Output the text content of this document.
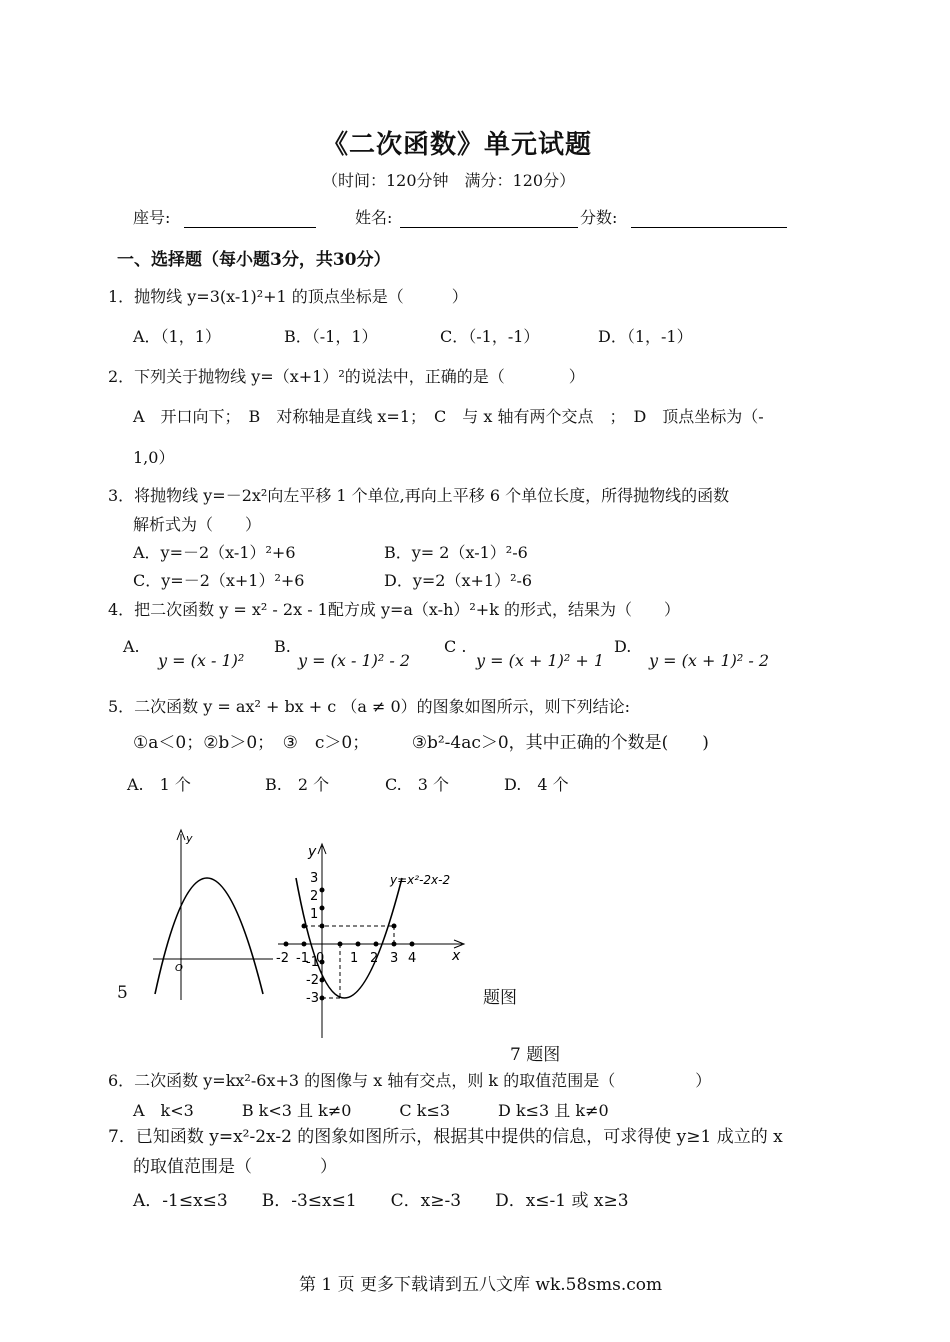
《二次函数》单元试题
（时间：120分钟　满分：120分）
座号:	姓名:	分数:
一、选择题（每小题3分，共30分）
1．抛物线 y=3(x-1)²+1 的顶点坐标是（　　　）
A．（1，1）	B．（-1，1）	C．（-1，-1）	D．（1，-1）
2．下列关于抛物线 y=（x+1）²的说法中，正确的是（　　　　）
A　开口向下；　B　对称轴是直线 x=1；　C　与 x 轴有两个交点　；　D　顶点坐标为（-
1,0）
3．将抛物线 y=－2x²向左平移 1 个单位,再向上平移 6 个单位长度，所得抛物线的函数
解析式为（　　）
A．y=－2（x-1）²+6	B．y= 2（x-1）²-6
C．y=－2（x+1）²+6	D．y=2（x+1）²-6
4．把二次函数 y = x² - 2x - 1配方成 y=a（x-h）²+k 的形式，结果为（　　）
A.
y = (x - 1)²
B.
y = (x - 1)² - 2
C .
y = (x + 1)² + 1
D.
y = (x + 1)² - 2
5．二次函数 y = ax² + bx + c （a ≠ 0）的图象如图所示，则下列结论:
①a＜0；②b＞0；　③　c＞0；　　　③b²-4ac＞0，其中正确的个数是(　　)
A.　1 个	B.　2 个	C.　3 个	D.　4 个
y
O
y
x
y=x²-2x-2
-2 -1 0 1 2 3 4
3
2
1
-1
-2
-3
5	题图
7 题图
6．二次函数 y=kx²-6x+3 的图像与 x 轴有交点，则 k 的取值范围是（　　　　　）
A　k<3　　　B k<3 且 k≠0　　　C k≤3　　　D k≤3 且 k≠0
7．已知函数 y=x²-2x-2 的图象如图所示，根据其中提供的信息，可求得使 y≥1 成立的 x
的取值范围是（　　　　）
A．-1≤x≤3　　B．-3≤x≤1　　C．x≥-3　　D．x≤-1 或 x≥3
第 1 页 更多下载请到五八文库 wk.58sms.com
